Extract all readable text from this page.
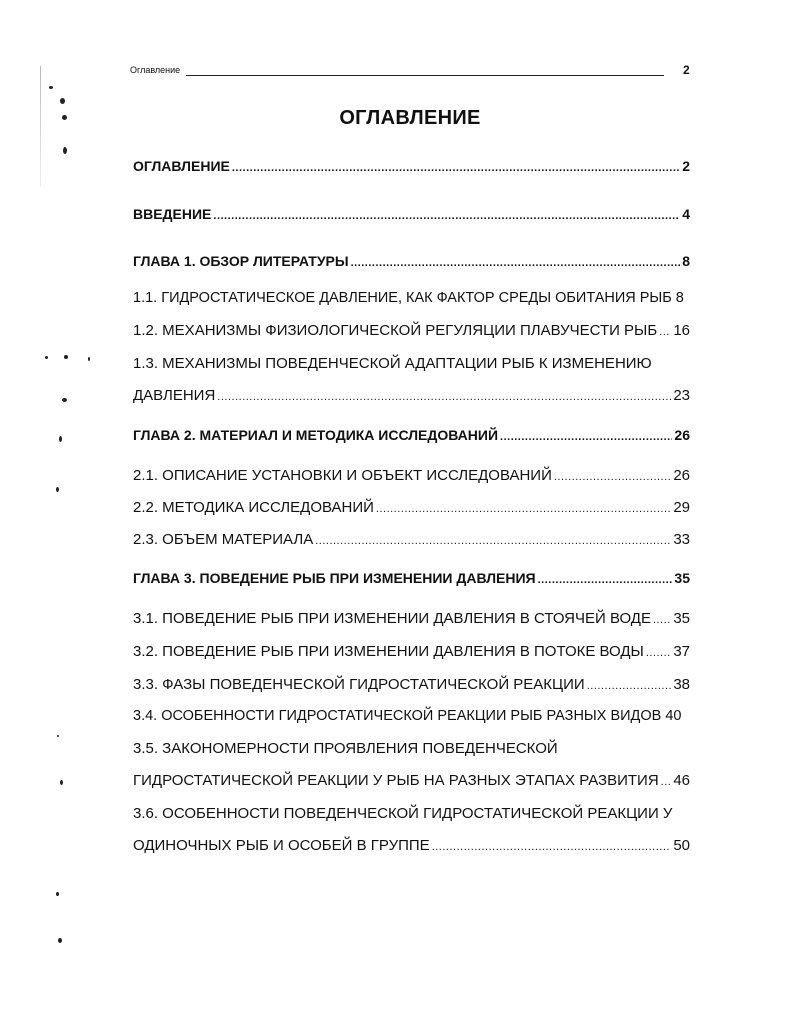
Оглавление	2
ОГЛАВЛЕНИЕ
ОГЛАВЛЕНИЕ .....	2
ВВЕДЕНИЕ .....	4
ГЛАВА 1. ОБЗОР ЛИТЕРАТУРЫ .....	8
1.1. ГИДРОСТАТИЧЕСКОЕ ДАВЛЕНИЕ, КАК ФАКТОР СРЕДЫ ОБИТАНИЯ РЫБ 8
1.2. МЕХАНИЗМЫ ФИЗИОЛОГИЧЕСКОЙ РЕГУЛЯЦИИ ПЛАВУЧЕСТИ РЫБ ..... 16
1.3. МЕХАНИЗМЫ ПОВЕДЕНЧЕСКОЙ АДАПТАЦИИ РЫБ К ИЗМЕНЕНИЮ
ДАВЛЕНИЯ .....	23
ГЛАВА 2. МАТЕРИАЛ И МЕТОДИКА ИССЛЕДОВАНИЙ .....	26
2.1. ОПИСАНИЕ УСТАНОВКИ И ОБЪЕКТ ИССЛЕДОВАНИЙ .....	26
2.2. МЕТОДИКА ИССЛЕДОВАНИЙ .....	29
2.3. ОБЪЕМ МАТЕРИАЛА .....	33
ГЛАВА 3. ПОВЕДЕНИЕ РЫБ ПРИ ИЗМЕНЕНИИ ДАВЛЕНИЯ .....	35
3.1. ПОВЕДЕНИЕ РЫБ ПРИ ИЗМЕНЕНИИ ДАВЛЕНИЯ В СТОЯЧЕЙ ВОДЕ ..... 35
3.2. ПОВЕДЕНИЕ РЫБ ПРИ ИЗМЕНЕНИИ ДАВЛЕНИЯ В ПОТОКЕ ВОДЫ ..... 37
3.3. ФАЗЫ ПОВЕДЕНЧЕСКОЙ ГИДРОСТАТИЧЕСКОЙ РЕАКЦИИ .....	38
3.4. ОСОБЕННОСТИ ГИДРОСТАТИЧЕСКОЙ РЕАКЦИИ РЫБ РАЗНЫХ ВИДОВ 40
3.5. ЗАКОНОМЕРНОСТИ ПРОЯВЛЕНИЯ ПОВЕДЕНЧЕСКОЙ
ГИДРОСТАТИЧЕСКОЙ РЕАКЦИИ У РЫБ НА РАЗНЫХ ЭТАПАХ РАЗВИТИЯ ..... 46
3.6. ОСОБЕННОСТИ ПОВЕДЕНЧЕСКОЙ ГИДРОСТАТИЧЕСКОЙ РЕАКЦИИ У
ОДИНОЧНЫХ РЫБ И ОСОБЕЙ В ГРУППЕ .....	50
